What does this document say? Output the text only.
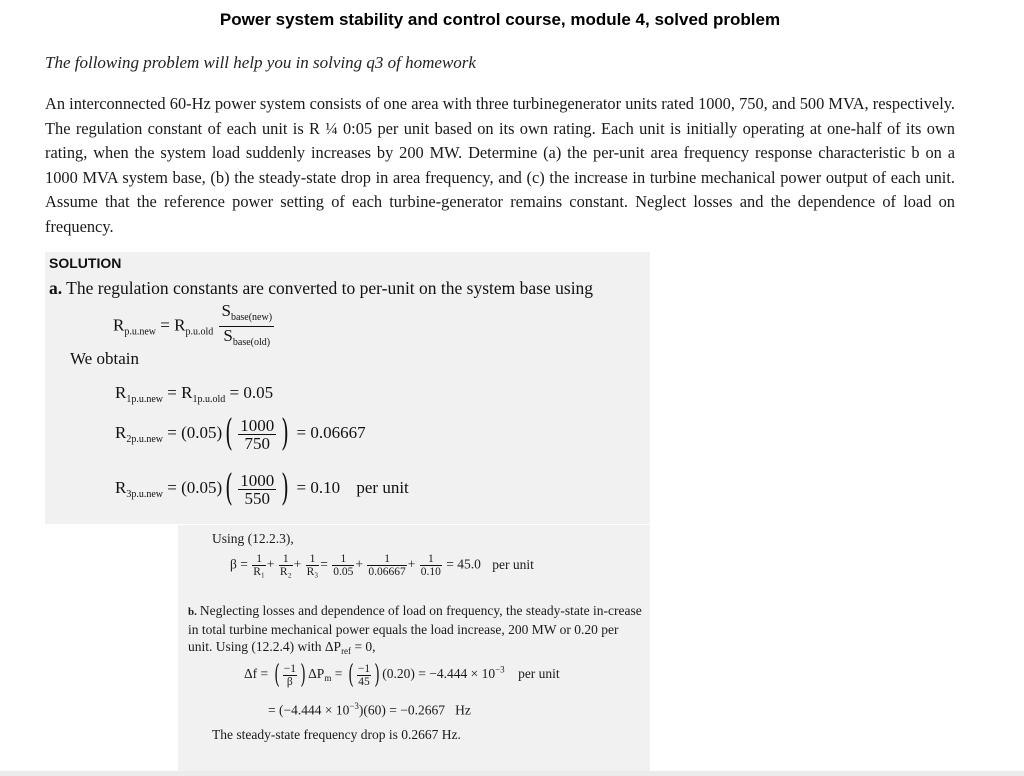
Power system stability and control course, module 4, solved problem
The following problem will help you in solving q3 of homework
An interconnected 60-Hz power system consists of one area with three turbinegenerator units rated 1000, 750, and 500 MVA, respectively. The regulation constant of each unit is R ¼ 0:05 per unit based on its own rating. Each unit is initially operating at one-half of its own rating, when the system load suddenly increases by 200 MW. Determine (a) the per-unit area frequency response characteristic b on a 1000 MVA system base, (b) the steady-state drop in area frequency, and (c) the increase in turbine mechanical power output of each unit. Assume that the reference power setting of each turbine-generator remains constant. Neglect losses and the dependence of load on frequency.
SOLUTION
a. The regulation constants are converted to per-unit on the system base using
$R_{p.u.new} = R_{p.u.old} \frac{S_{base(new)}}{S_{base(old)}}$
We obtain
$R_{1p.u.new} = R_{1p.u.old} = 0.05$
$R_{2p.u.new} = (0.05)( \frac{1000}{750}$ ) = 0.06667
$R_{3p.u.new} = (0.05)( \frac{1000}{550}$ ) = 0.10 per unit
Using (12.2.3),
$\beta = \frac{1}{\text{R₁}} + \frac{1}{\text{R₂}} + \frac{1}{\text{R₃}} = \frac{1}{0.05} + \frac{1}{0.06667} + \frac{1}{0.10} = 45.0$ per unit
b. Neglecting losses and dependence of load on frequency, the steady-state in-crease in total turbine mechanical power equals the load increase, 200 MW or 0.20 per unit. Using (12.2.4) with $\Delta P_{ref} = 0$,
Δf = ( $\frac{-1}{\beta}$ ) $\Delta P_m$ = ( $\frac{-1}{45}$ ) $(0.20) = -4.444 \times 10^{-3}$ per unit
= $(-4.444 \times 10^{-3})(60) = -0.2667$   Hz
The steady-state frequency drop is 0.2667 Hz.
